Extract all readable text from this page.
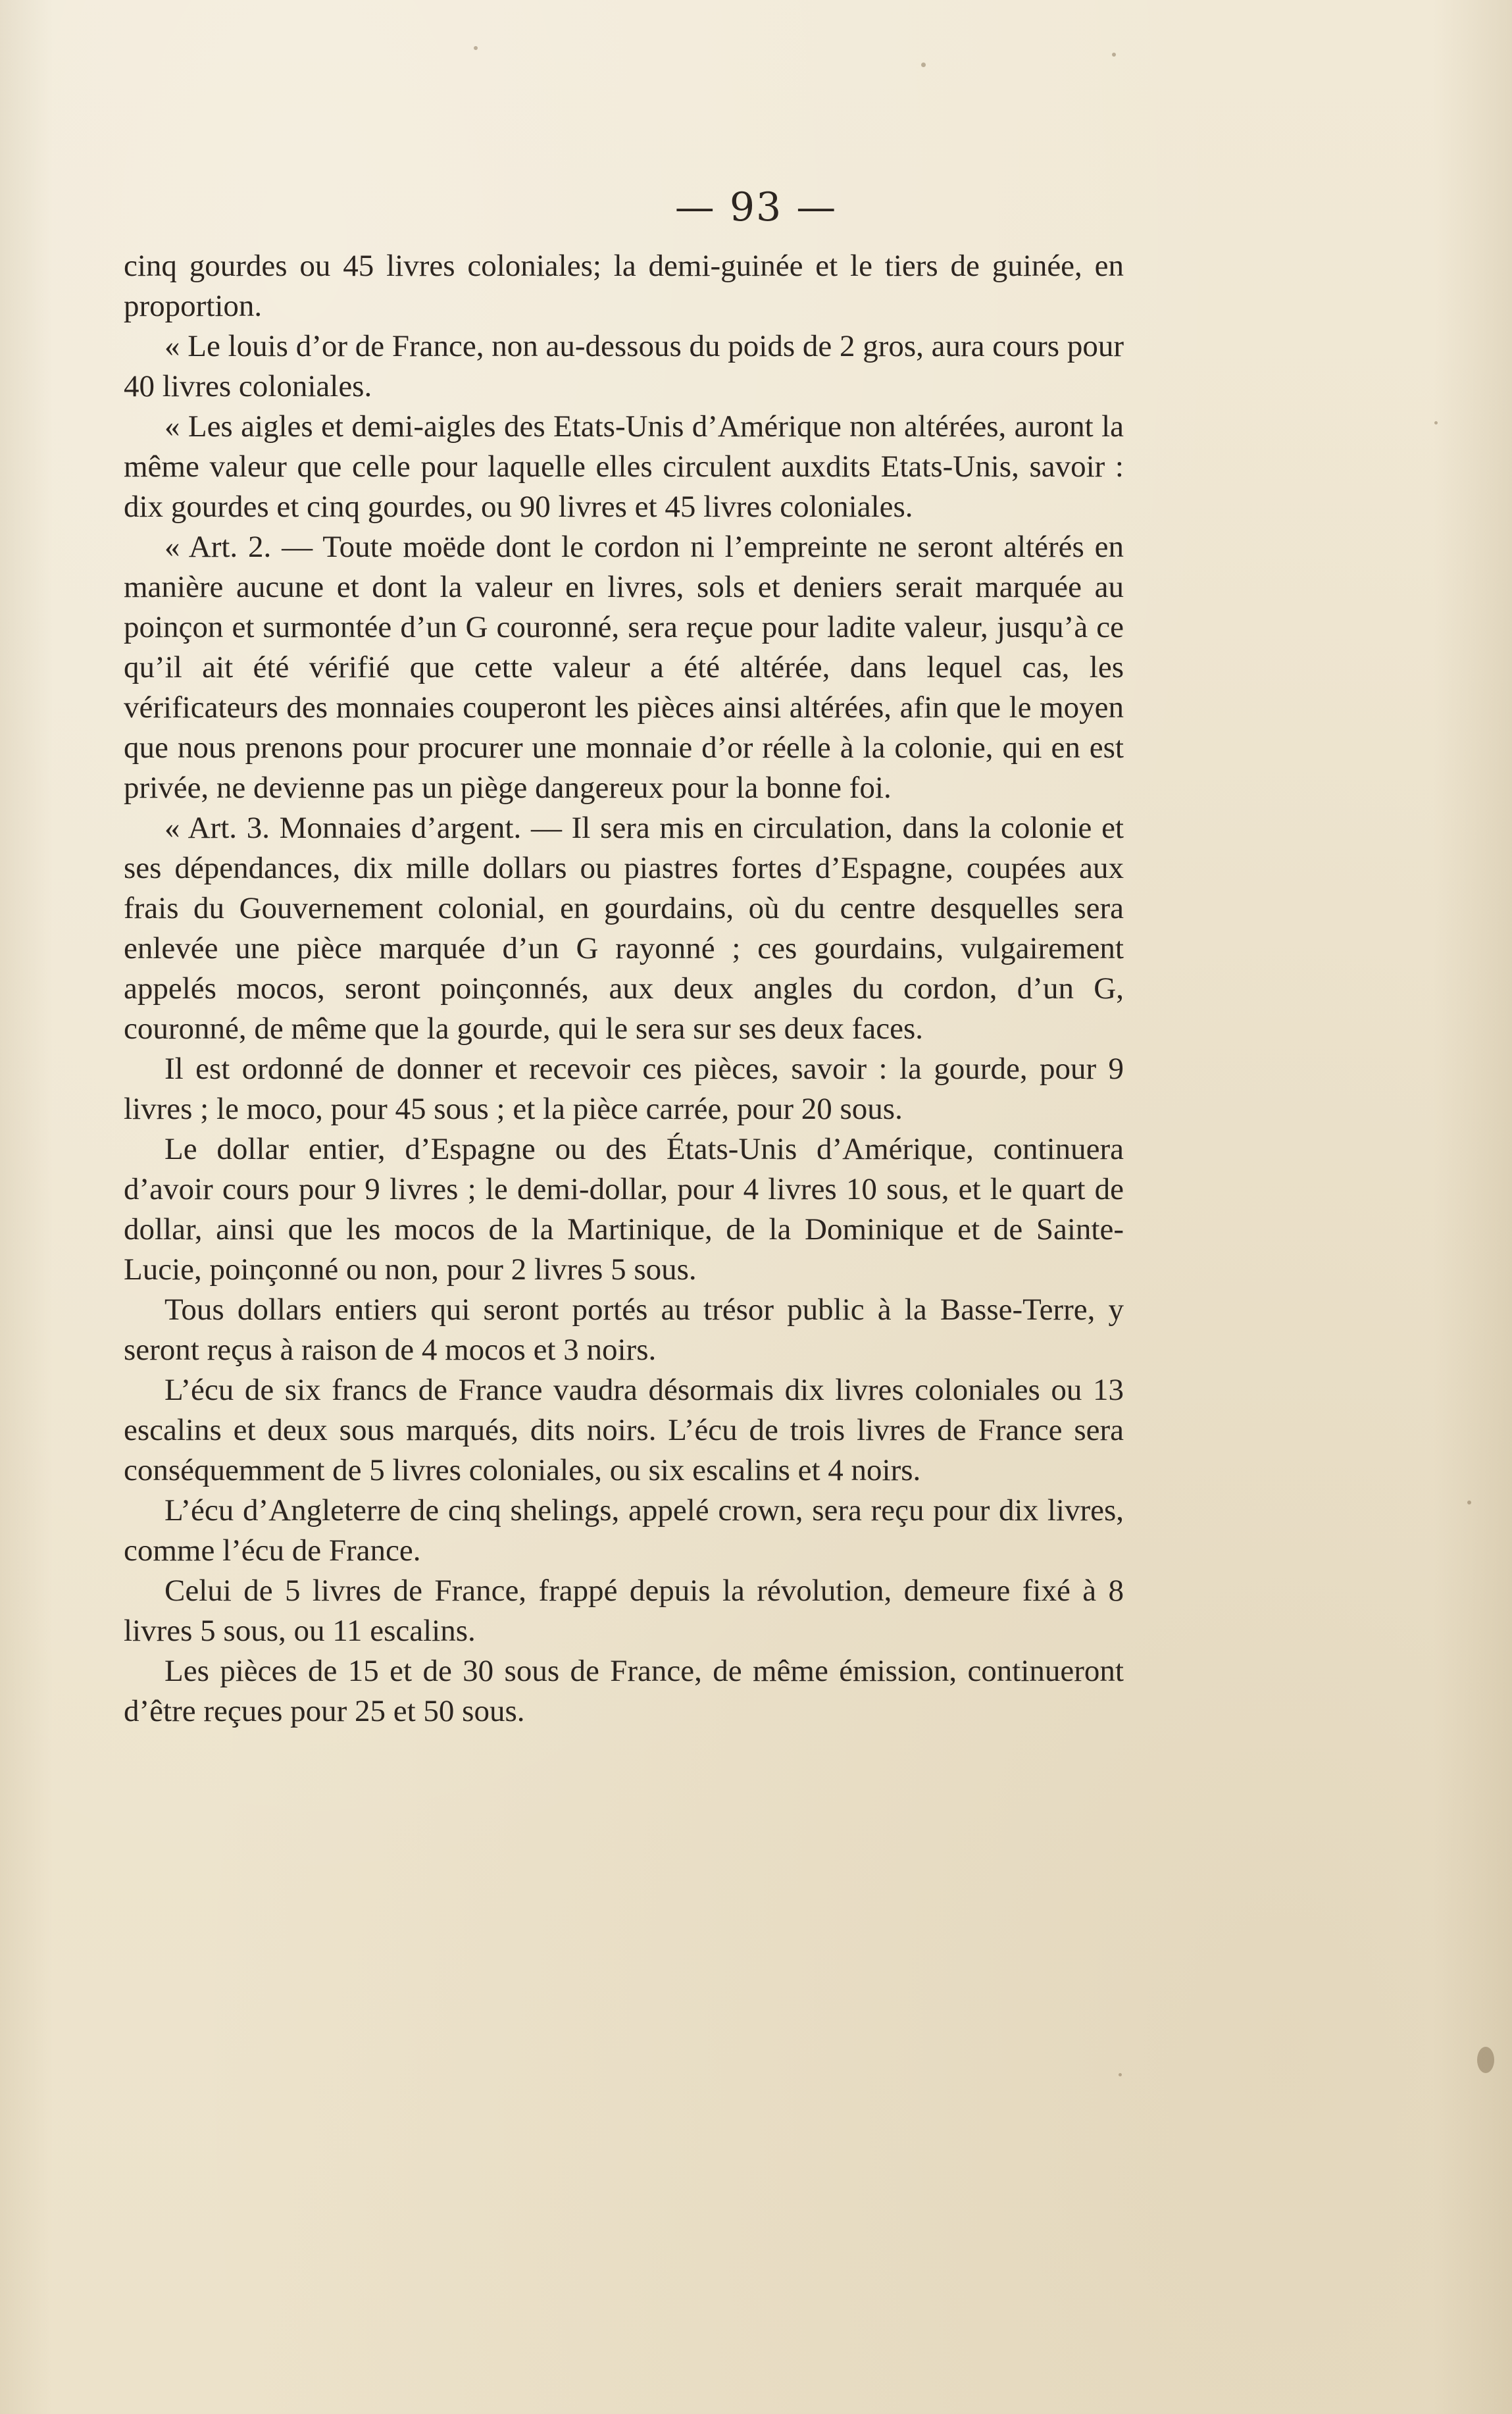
— 93 —

cinq gourdes ou 45 livres coloniales; la demi-guinée et le tiers de guinée, en proportion.

« Le louis d’or de France, non au-dessous du poids de 2 gros, aura cours pour 40 livres coloniales.

« Les aigles et demi-aigles des Etats-Unis d’Amérique non altérées, auront la même valeur que celle pour laquelle elles circulent auxdits Etats-Unis, savoir : dix gourdes et cinq gourdes, ou 90 livres et 45 livres coloniales.

« Art. 2. — Toute moëde dont le cordon ni l’empreinte ne seront altérés en manière aucune et dont la valeur en livres, sols et deniers serait marquée au poinçon et surmontée d’un G couronné, sera reçue pour ladite valeur, jusqu’à ce qu’il ait été vérifié que cette valeur a été altérée, dans lequel cas, les vérificateurs des monnaies couperont les pièces ainsi altérées, afin que le moyen que nous prenons pour procurer une monnaie d’or réelle à la colonie, qui en est privée, ne devienne pas un piège dangereux pour la bonne foi.

« Art. 3. Monnaies d’argent. — Il sera mis en circulation, dans la colonie et ses dépendances, dix mille dollars ou piastres fortes d’Espagne, coupées aux frais du Gouvernement colonial, en gourdains, où du centre desquelles sera enlevée une pièce marquée d’un G rayonné ; ces gourdains, vulgairement appelés mocos, seront poinçonnés, aux deux angles du cordon, d’un G, couronné, de même que la gourde, qui le sera sur ses deux faces.

Il est ordonné de donner et recevoir ces pièces, savoir : la gourde, pour 9 livres ; le moco, pour 45 sous ; et la pièce carrée, pour 20 sous.

Le dollar entier, d’Espagne ou des États-Unis d’Amérique, continuera d’avoir cours pour 9 livres ; le demi-dollar, pour 4 livres 10 sous, et le quart de dollar, ainsi que les mocos de la Martinique, de la Dominique et de Sainte-Lucie, poinçonné ou non, pour 2 livres 5 sous.

Tous dollars entiers qui seront portés au trésor public à la Basse-Terre, y seront reçus à raison de 4 mocos et 3 noirs.

L’écu de six francs de France vaudra désormais dix livres coloniales ou 13 escalins et deux sous marqués, dits noirs. L’écu de trois livres de France sera conséquemment de 5 livres coloniales, ou six escalins et 4 noirs.

L’écu d’Angleterre de cinq shelings, appelé crown, sera reçu pour dix livres, comme l’écu de France.

Celui de 5 livres de France, frappé depuis la révolution, demeure fixé à 8 livres 5 sous, ou 11 escalins.

Les pièces de 15 et de 30 sous de France, de même émission, continueront d’être reçues pour 25 et 50 sous.
